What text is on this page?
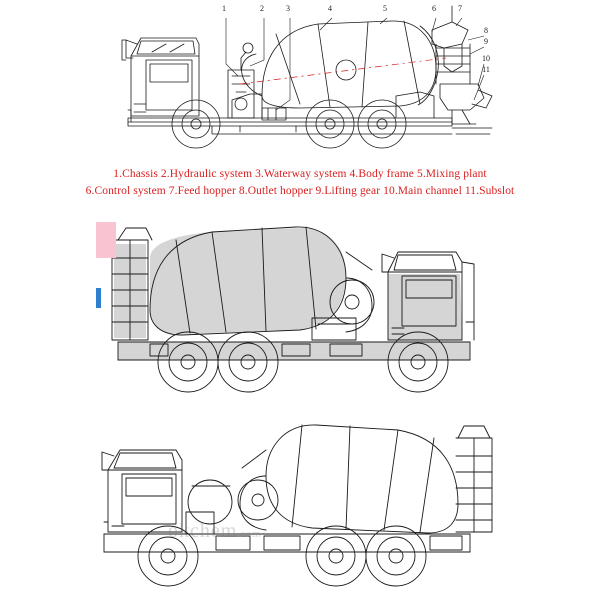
1	2	3	4	5	6	7
8
9
10
11
1.Chassis 2.Hydraulic system 3.Waterway system 4.Body frame 5.Mixing plant
6.Control system 7.Feed hopper 8.Outlet hopper 9.Lifting gear 10.Main channel 11.Subslot
okchem.com
